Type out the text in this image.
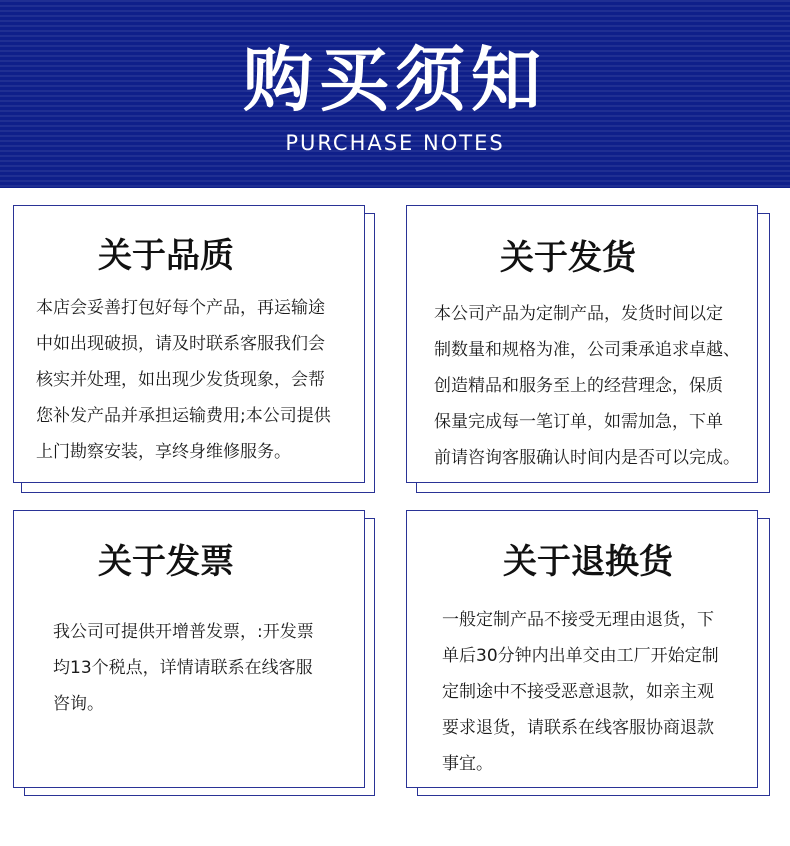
购买须知
PURCHASE NOTES
关于品质
本店会妥善打包好每个产品，再运输途
中如出现破损，请及时联系客服我们会
核实并处理，如出现少发货现象，会帮
您补发产品并承担运输费用;本公司提供
上门勘察安装，享终身维修服务。
关于发货
本公司产品为定制产品，发货时间以定
制数量和规格为准，公司秉承追求卓越、
创造精品和服务至上的经营理念，保质
保量完成每一笔订单，如需加急，下单
前请咨询客服确认时间内是否可以完成。
关于发票
我公司可提供开增普发票，:开发票
均13个税点，详情请联系在线客服
咨询。
关于退换货
一般定制产品不接受无理由退货，下
单后30分钟内出单交由工厂开始定制
定制途中不接受恶意退款，如亲主观
要求退货，请联系在线客服协商退款
事宜。
